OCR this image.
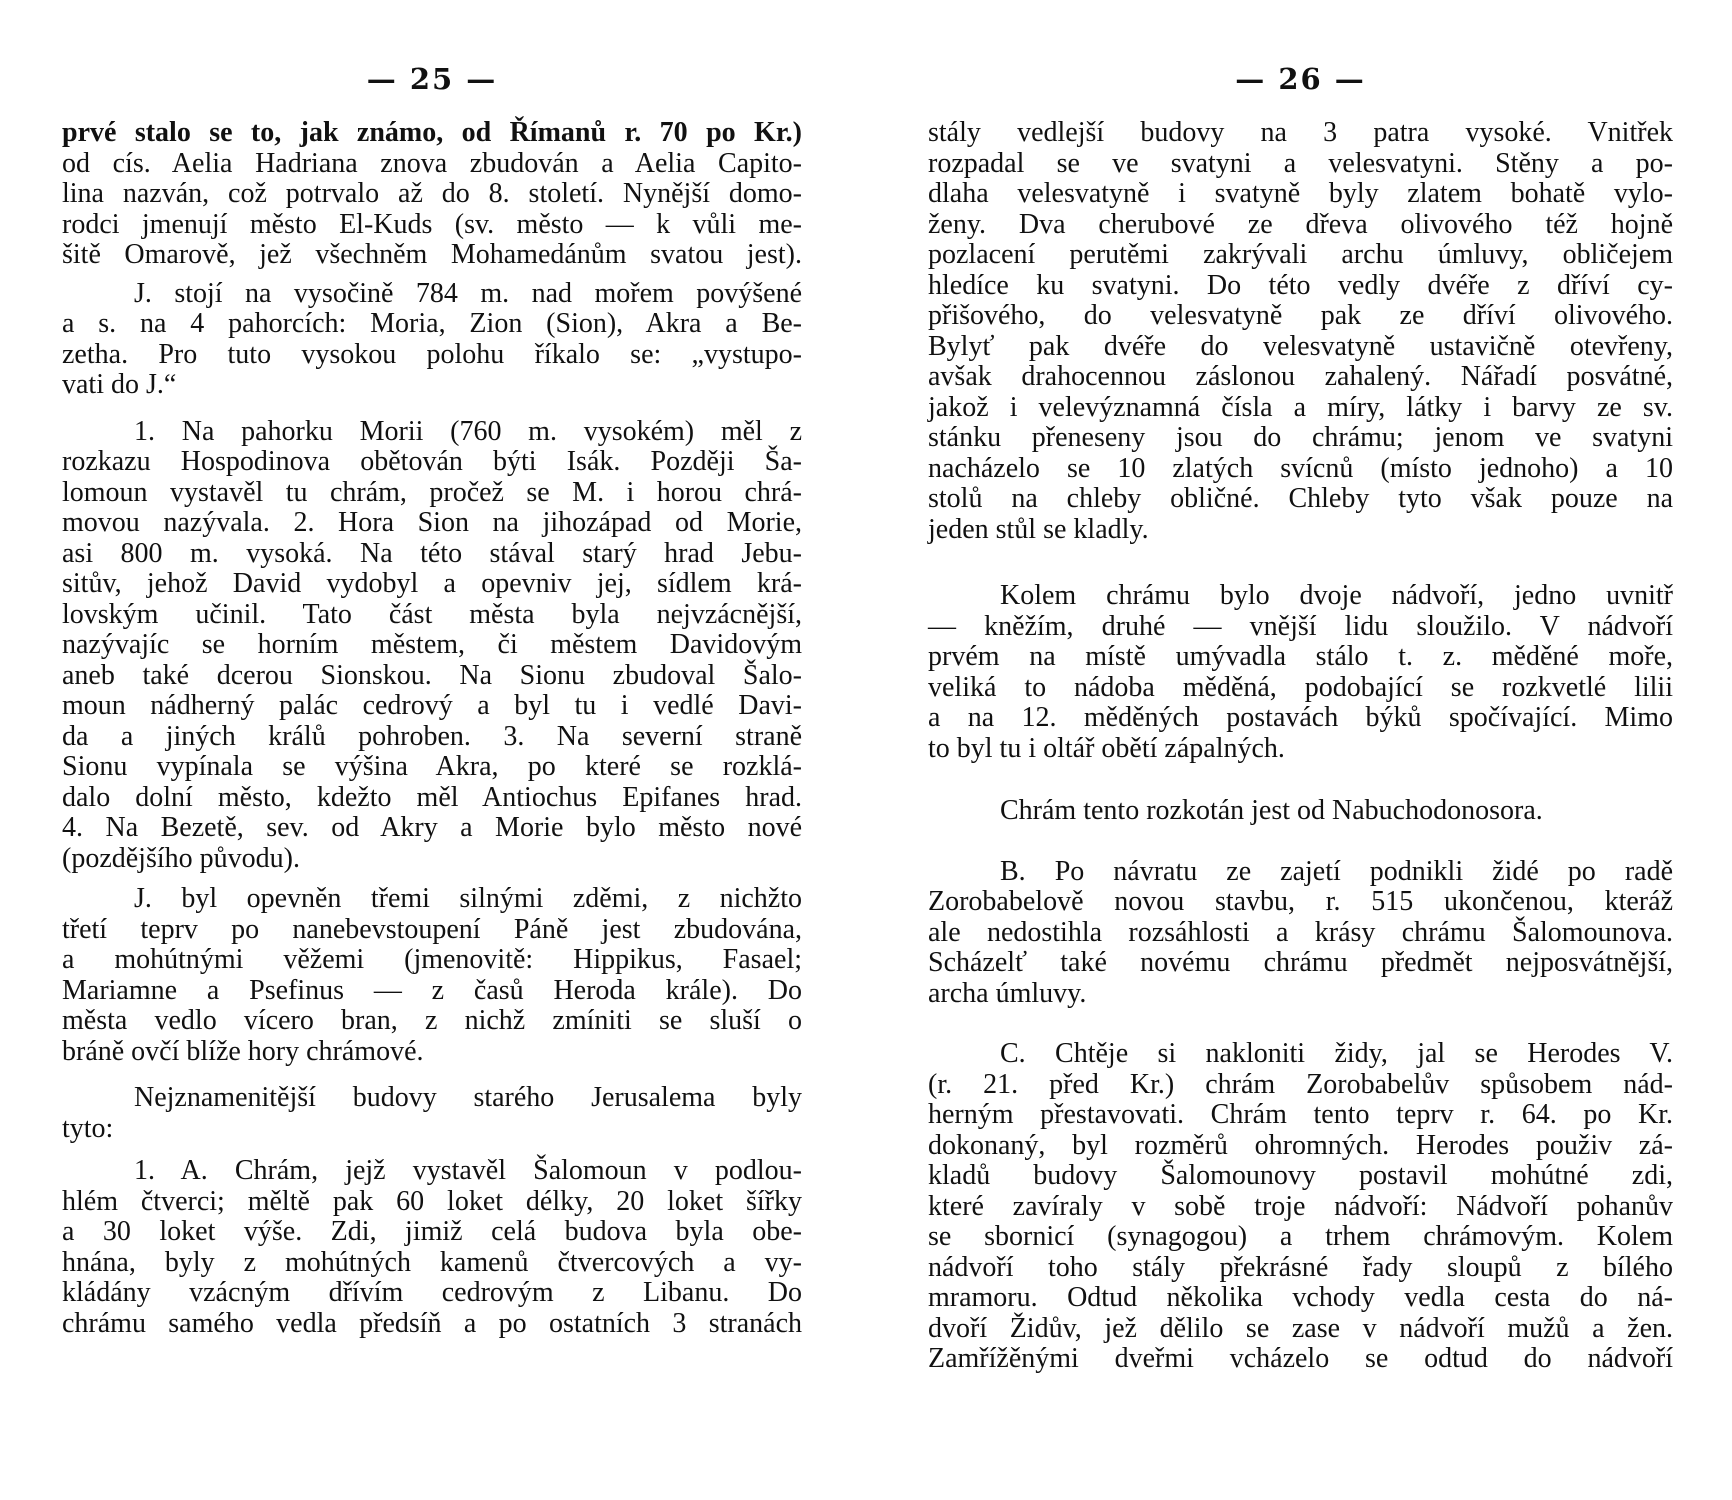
— 25 —
prvé stalo se to, jak známo, od Římanů r. 70 po Kr.)
od cís. Aelia Hadriana znova zbudován a Aelia Capito-
lina nazván, což potrvalo až do 8. století. Nynější domo-
rodci jmenují město El-Kuds (sv. město — k vůli me-
šitě Omarově, jež všechněm Mohamedánům svatou jest).
J. stojí na vysočině 784 m. nad mořem povýšené
a s. na 4 pahorcích: Moria, Zion (Sion), Akra a Be-
zetha. Pro tuto vysokou polohu říkalo se: „vystupo-
vati do J.“
1. Na pahorku Morii (760 m. vysokém) měl z
rozkazu Hospodinova obětován býti Isák. Později Ša-
lomoun vystavěl tu chrám, pročež se M. i horou chrá-
movou nazývala. 2. Hora Sion na jihozápad od Morie,
asi 800 m. vysoká. Na této stával starý hrad Jebu-
sitův, jehož David vydobyl a opevniv jej, sídlem krá-
lovským učinil. Tato část města byla nejvzácnější,
nazývajíc se horním městem, či městem Davidovým
aneb také dcerou Sionskou. Na Sionu zbudoval Šalo-
moun nádherný palác cedrový a byl tu i vedlé Davi-
da a jiných králů pohroben. 3. Na severní straně
Sionu vypínala se výšina Akra, po které se rozklá-
dalo dolní město, kdežto měl Antiochus Epifanes hrad.
4. Na Bezetě, sev. od Akry a Morie bylo město nové
(pozdějšího původu).
J. byl opevněn třemi silnými zděmi, z nichžto
třetí teprv po nanebevstoupení Páně jest zbudována,
a mohútnými věžemi (jmenovitě: Hippikus, Fasael;
Mariamne a Psefinus — z časů Heroda krále). Do
města vedlo vícero bran, z nichž zmíniti se sluší o
bráně ovčí blíže hory chrámové.
Nejznamenitější budovy starého Jerusalema byly
tyto:
1. A. Chrám, jejž vystavěl Šalomoun v podlou-
hlém čtverci; měltě pak 60 loket délky, 20 loket šířky
a 30 loket výše. Zdi, jimiž celá budova byla obe-
hnána, byly z mohútných kamenů čtvercových a vy-
kládány vzácným dřívím cedrovým z Libanu. Do
chrámu samého vedla předsíň a po ostatních 3 stranách
— 26 —
stály vedlejší budovy na 3 patra vysoké. Vnitřek
rozpadal se ve svatyni a velesvatyni. Stěny a po-
dlaha velesvatyně i svatyně byly zlatem bohatě vylo-
ženy. Dva cherubové ze dřeva olivového též hojně
pozlacení perutěmi zakrývali archu úmluvy, obličejem
hledíce ku svatyni. Do této vedly dvéře z dříví cy-
přišového, do velesvatyně pak ze dříví olivového.
Bylyť pak dvéře do velesvatyně ustavičně otevřeny,
avšak drahocennou záslonou zahalený. Nářadí posvátné,
jakož i velevýznamná čísla a míry, látky i barvy ze sv.
stánku přeneseny jsou do chrámu; jenom ve svatyni
nacházelo se 10 zlatých svícnů (místo jednoho) a 10
stolů na chleby obličné. Chleby tyto však pouze na
jeden stůl se kladly.
Kolem chrámu bylo dvoje nádvoří, jedno uvnitř
— kněžím, druhé — vnější lidu sloužilo. V nádvoří
prvém na místě umývadla stálo t. z. měděné moře,
veliká to nádoba měděná, podobající se rozkvetlé lilii
a na 12. měděných postavách býků spočívající. Mimo
to byl tu i oltář obětí zápalných.
Chrám tento rozkotán jest od Nabuchodonosora.
B. Po návratu ze zajetí podnikli židé po radě
Zorobabelově novou stavbu, r. 515 ukončenou, kteráž
ale nedostihla rozsáhlosti a krásy chrámu Šalomounova.
Scházelť také novému chrámu předmět nejposvátnější,
archa úmluvy.
C. Chtěje si nakloniti židy, jal se Herodes V.
(r. 21. před Kr.) chrám Zorobabelův spůsobem nád-
herným přestavovati. Chrám tento teprv r. 64. po Kr.
dokonaný, byl rozměrů ohromných. Herodes použiv zá-
kladů budovy Šalomounovy postavil mohútné zdi,
které zavíraly v sobě troje nádvoří: Nádvoří pohanův
se sbornicí (synagogou) a trhem chrámovým. Kolem
nádvoří toho stály překrásné řady sloupů z bílého
mramoru. Odtud několika vchody vedla cesta do ná-
dvoří Židův, jež dělilo se zase v nádvoří mužů a žen.
Zamřížěnými dveřmi vcházelo se odtud do nádvoří
